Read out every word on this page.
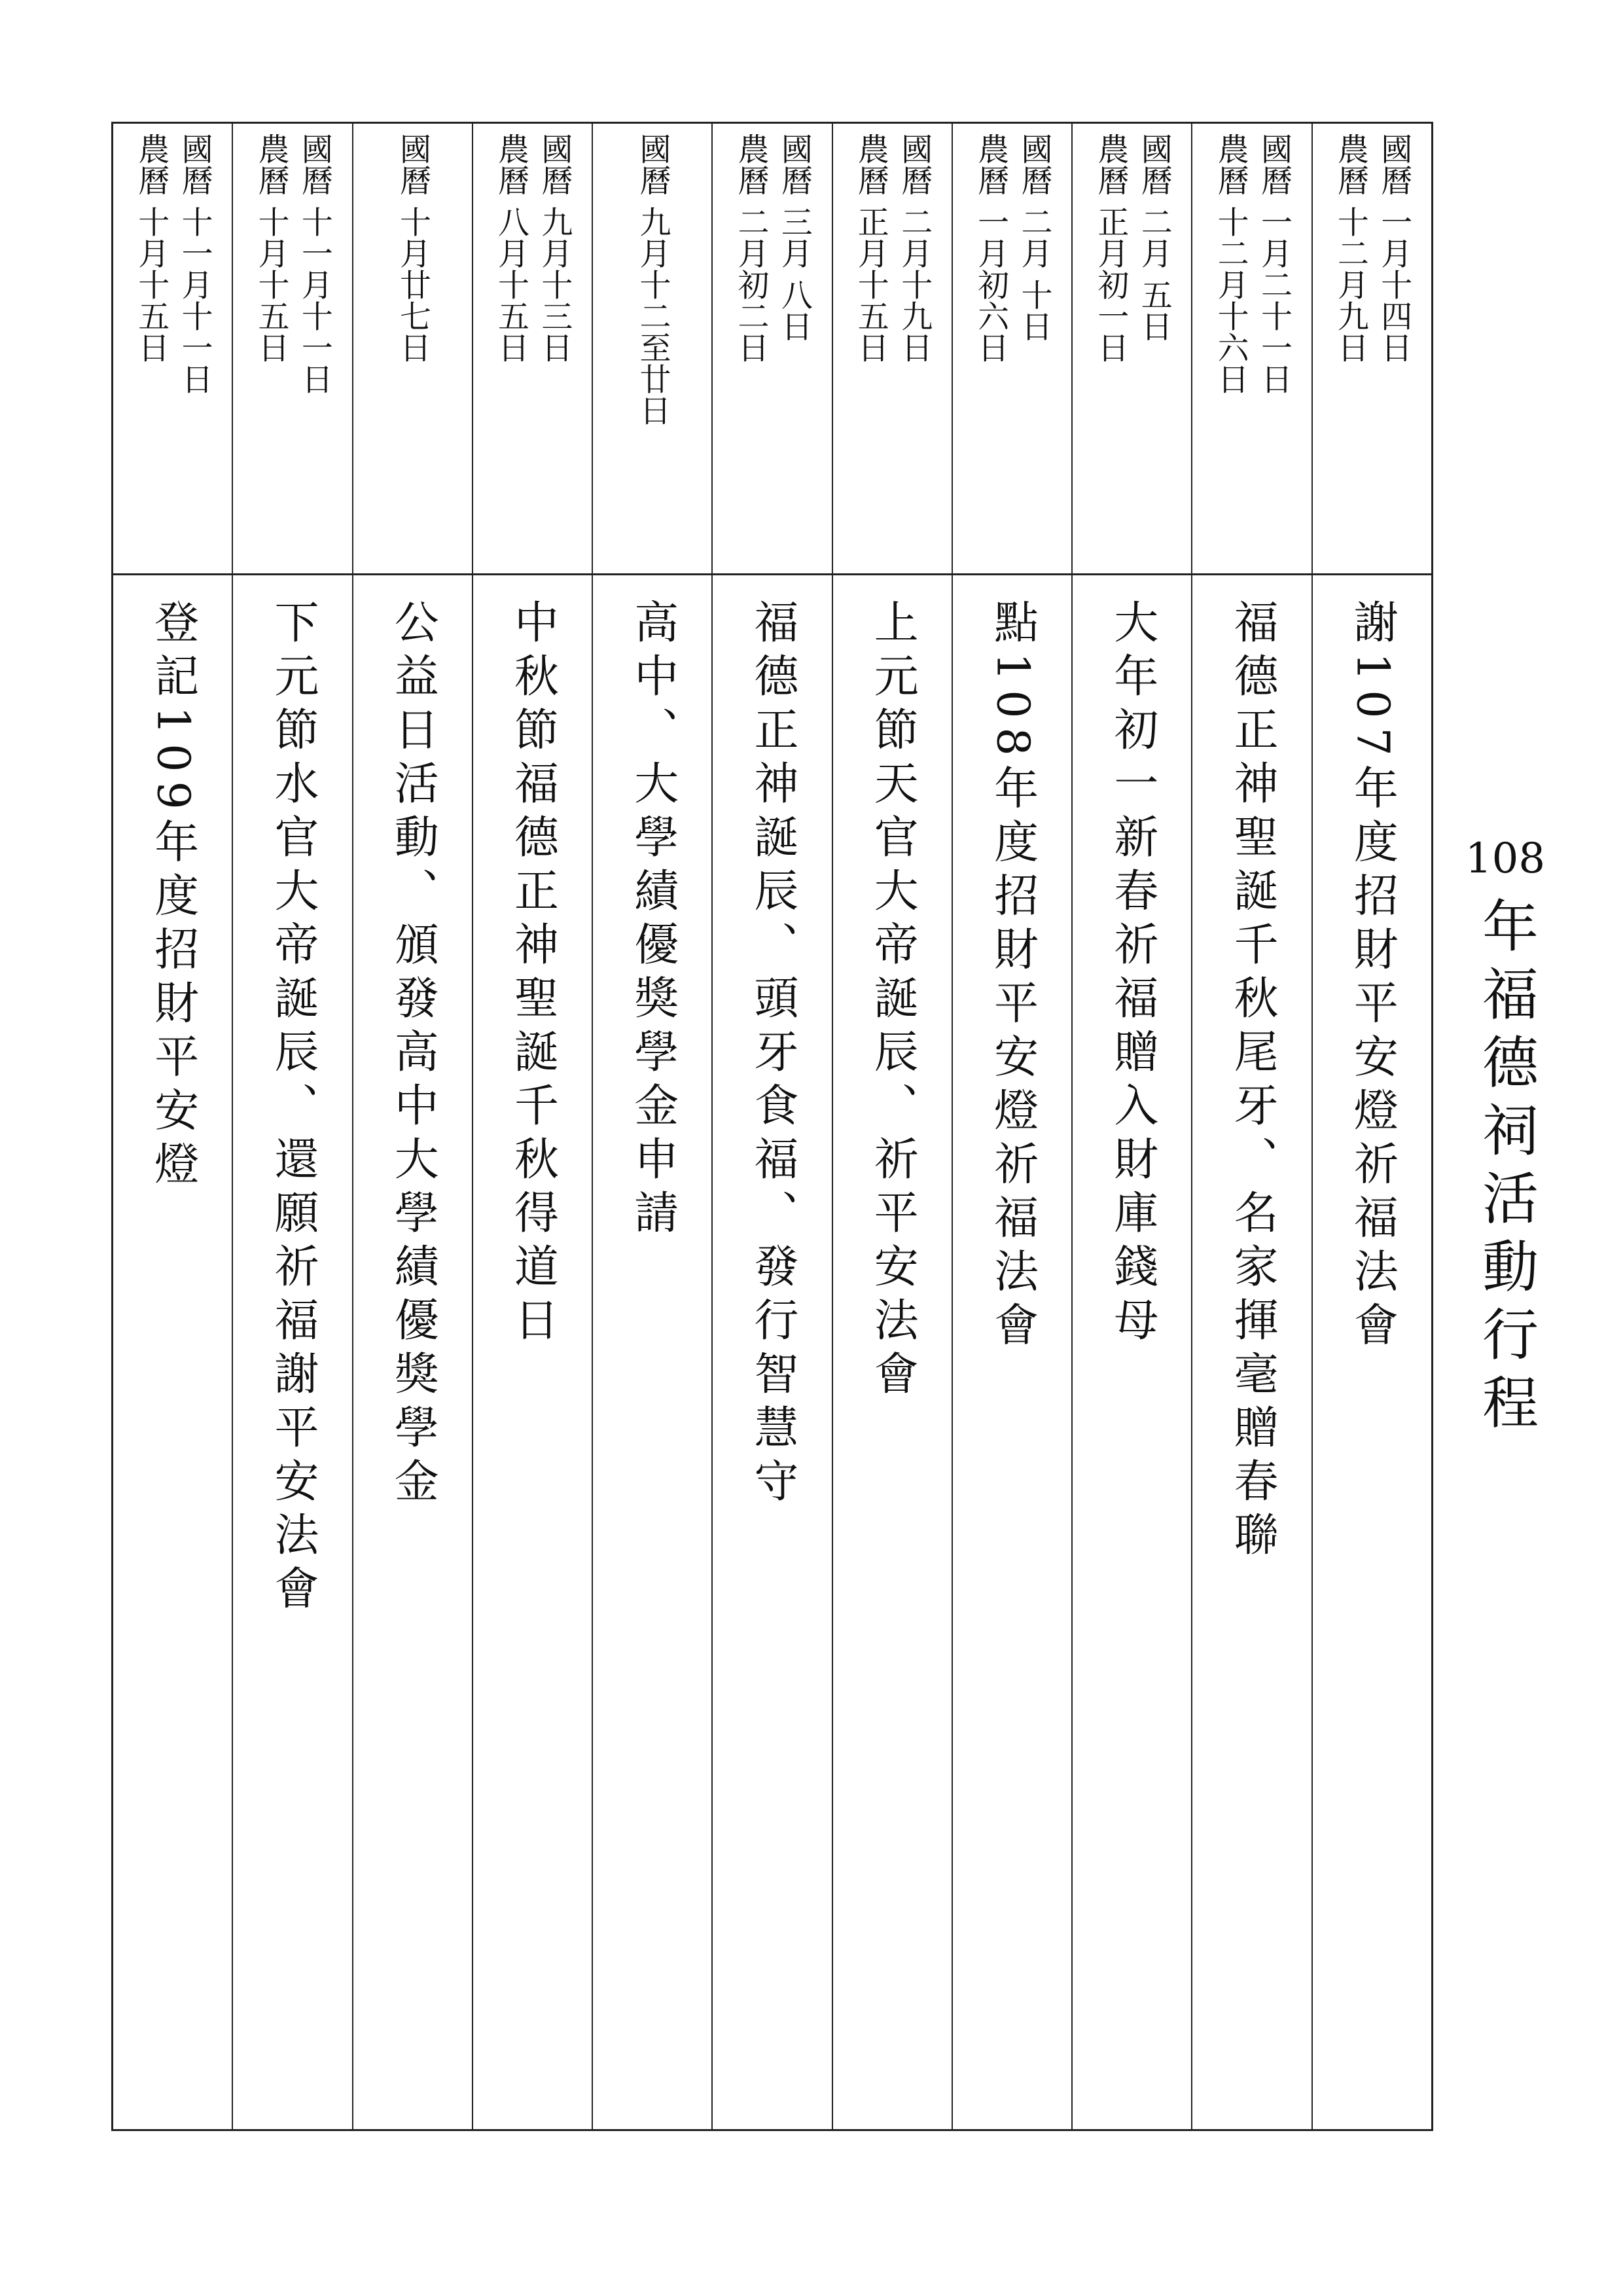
108
年福德祠活動行程
國曆 一月十四日
農曆 十二月九日
謝107年度招財平安燈祈福法會
國曆 一月二十一日
農曆 十二月十六日
福德正神聖誕千秋尾牙、名家揮毫贈春聯
國曆 二月 五日
農曆 正月初一日
大年初一新春祈福贈入財庫錢母
國曆 二月 十日
農曆 一月初六日
點108年度招財平安燈祈福法會
國曆 二月十九日
農曆 正月十五日
上元節天官大帝誕辰、祈平安法會
國曆 三月 八日
農曆 二月初二日
福德正神誕辰、頭牙食福、發行智慧守
國曆 九月十二至廿日
高中、大學績優獎學金申請
國曆 九月十三日
農曆 八月十五日
中秋節福德正神聖誕千秋得道日
國曆 十月廿七日
公益日活動、頒發高中大學績優獎學金
國曆 十一月十一日
農曆 十月十五日
下元節水官大帝誕辰、還願祈福謝平安法會
國曆 十一月十一日
農曆 十月十五日
登記109年度招財平安燈
